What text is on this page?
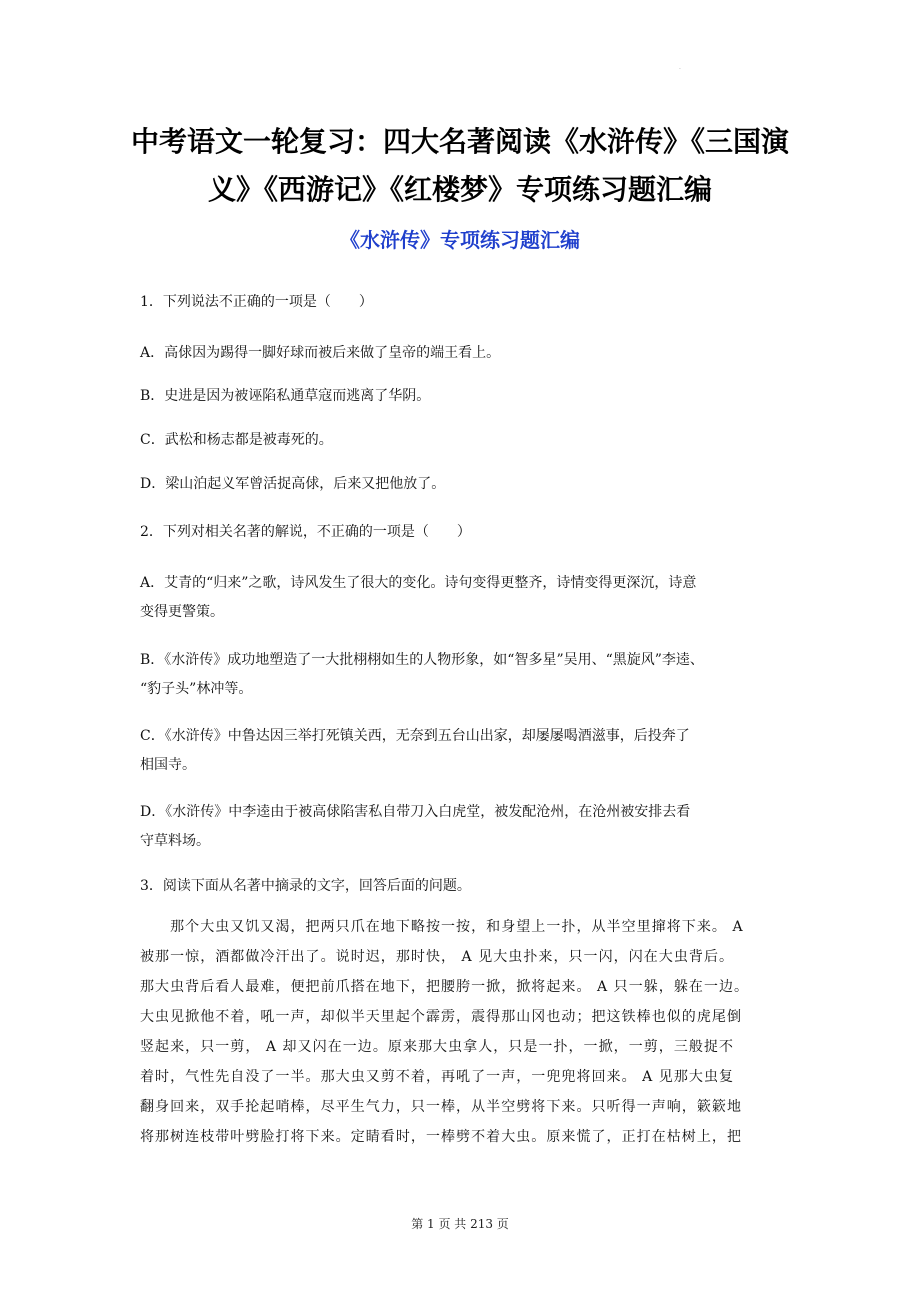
·
中考语文一轮复习：四大名著阅读《水浒传》《三国演
义》《西游记》《红楼梦》专项练习题汇编
《水浒传》专项练习题汇编
1．下列说法不正确的一项是（　　）
A．高俅因为踢得一脚好球而被后来做了皇帝的端王看上。
B．史进是因为被诬陷私通草寇而逃离了华阴。
C．武松和杨志都是被毒死的。
D．梁山泊起义军曾活捉高俅，后来又把他放了。
2．下列对相关名著的解说，不正确的一项是（　　）
A．艾青的“归来”之歌，诗风发生了很大的变化。诗句变得更整齐，诗情变得更深沉，诗意
变得更警策。
B．《水浒传》成功地塑造了一大批栩栩如生的人物形象，如“智多星”吴用、“黑旋风”李逵、
“豹子头”林冲等。
C．《水浒传》中鲁达因三举打死镇关西，无奈到五台山出家，却屡屡喝酒滋事，后投奔了
相国寺。
D．《水浒传》中李逵由于被高俅陷害私自带刀入白虎堂，被发配沧州，在沧州被安排去看
守草料场。
3．阅读下面从名著中摘录的文字，回答后面的问题。
　　那个大虫又饥又渴，把两只爪在地下略按一按，和身望上一扑，从半空里撺将下来。 A
被那一惊，酒都做冷汗出了。说时迟，那时快， A 见大虫扑来，只一闪，闪在大虫背后。
那大虫背后看人最难，便把前爪搭在地下，把腰胯一掀，掀将起来。 A 只一躲，躲在一边。
大虫见掀他不着，吼一声，却似半天里起个霹雳，震得那山冈也动；把这铁棒也似的虎尾倒
竖起来，只一剪， A 却又闪在一边。原来那大虫拿人，只是一扑，一掀，一剪，三般捉不
着时，气性先自没了一半。那大虫又剪不着，再吼了一声，一兜兜将回来。 A 见那大虫复
翻身回来，双手抡起哨棒，尽平生气力，只一棒，从半空劈将下来。只听得一声响，簌簌地
将那树连枝带叶劈脸打将下来。定睛看时，一棒劈不着大虫。原来慌了，正打在枯树上，把
第 1 页 共 213 页
